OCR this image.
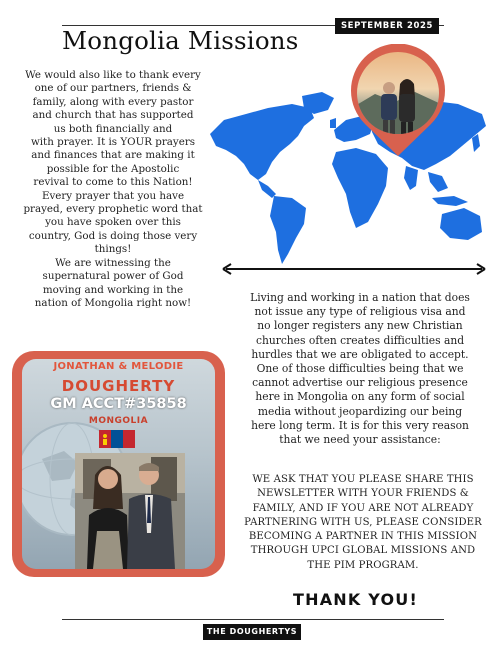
SEPTEMBER 2025
Mongolia Missions
We would also like to thank every
one of our partners, friends &
family, along with every pastor
and church that has supported
us both financially and
with prayer. It is YOUR prayers
and finances that are making it
possible for the Apostolic
revival to come to this Nation!
Every prayer that you have
prayed, every prophetic word that
you have spoken over this
country, God is doing those very
things!
We are witnessing the
supernatural power of God
moving and working in the
nation of Mongolia right now!	Living and working in a nation that does
not issue any type of religious visa and
no longer registers any new Christian
churches often creates difficulties and
hurdles that we are obligated to accept.
One of those difficulties being that we
cannot advertise our religious presence
here in Mongolia on any form of social
media without jeopardizing our being
here long term. It is for this very reason
that we need your assistance:
WE ASK THAT YOU PLEASE SHARE THIS
NEWSLETTER WITH YOUR FRIENDS &
FAMILY, AND IF YOU ARE NOT ALREADY
PARTNERING WITH US, PLEASE CONSIDER
BECOMING A PARTNER IN THIS MISSION
THROUGH UPCI GLOBAL MISSIONS AND
THE PIM PROGRAM.
THANK YOU!
JONATHAN & MELODIE
DOUGHERTY
GM ACCT#35858
MONGOLIA
THE DOUGHERTYS
